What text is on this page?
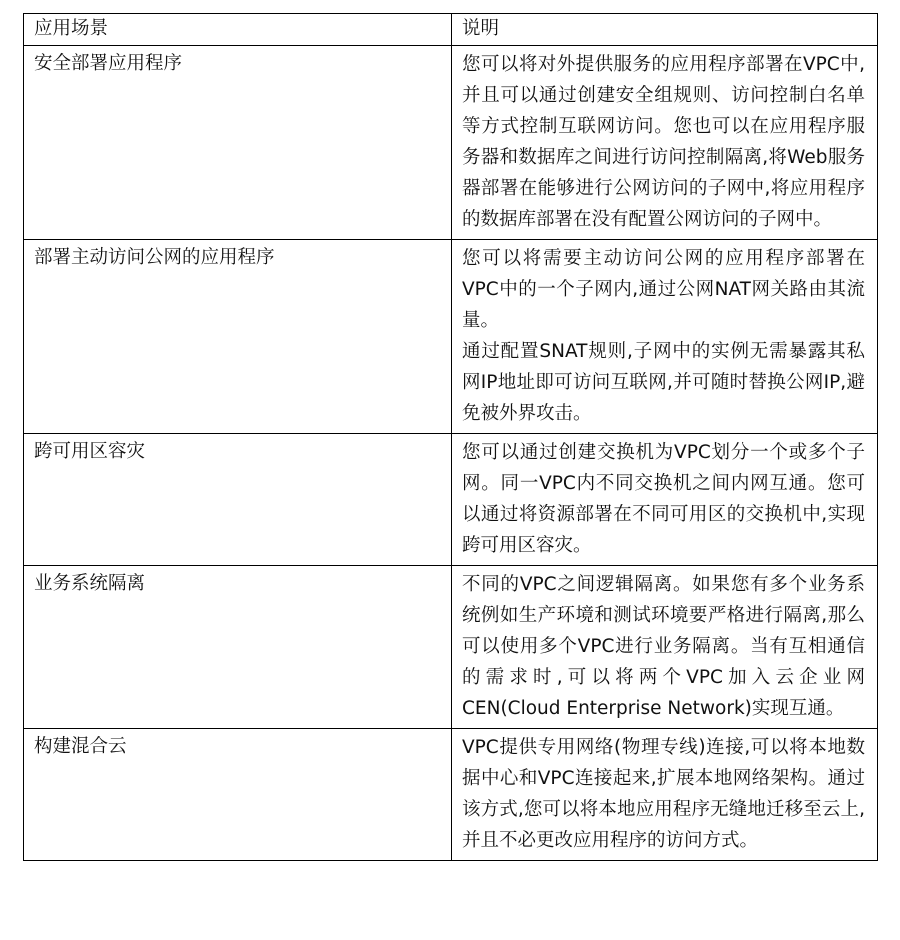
应用场景	说明
安全部署应用程序	您可以将对外提供服务的应用程序部署在VPC中,并且可以通过创建安全组规则、访问控制白名单等方式控制互联网访问。您也可以在应用程序服务器和数据库之间进行访问控制隔离,将Web服务器部署在能够进行公网访问的子网中,将应用程序的数据库部署在没有配置公网访问的子网中。

部署主动访问公网的应用程序	您可以将需要主动访问公网的应用程序部署在VPC中的一个子网内,通过公网NAT网关路由其流量。
通过配置SNAT规则,子网中的实例无需暴露其私网IP地址即可访问互联网,并可随时替换公网IP,避免被外界攻击。

跨可用区容灾	您可以通过创建交换机为VPC划分一个或多个子网。同一VPC内不同交换机之间内网互通。您可以通过将资源部署在不同可用区的交换机中,实现跨可用区容灾。

业务系统隔离	不同的VPC之间逻辑隔离。如果您有多个业务系统例如生产环境和测试环境要严格进行隔离,那么可以使用多个VPC进行业务隔离。当有互相通信的需求时,可以将两个VPC加入云企业网CEN(Cloud Enterprise Network)实现互通。

构建混合云	VPC提供专用网络(物理专线)连接,可以将本地数据中心和VPC连接起来,扩展本地网络架构。通过该方式,您可以将本地应用程序无缝地迁移至云上,并且不必更改应用程序的访问方式。
